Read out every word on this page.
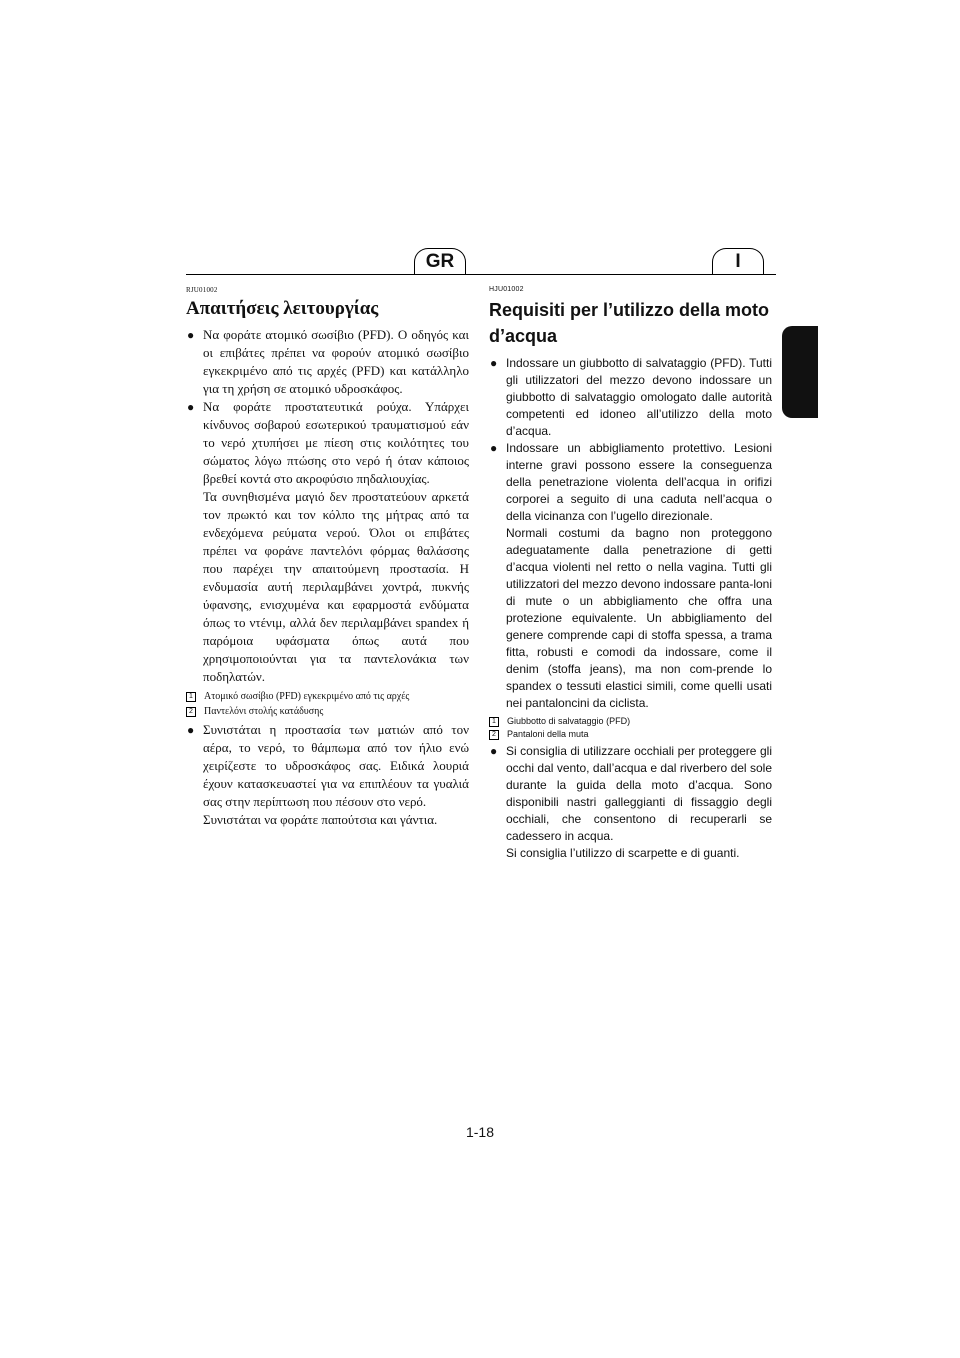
GR	I
RJU01002
Απαιτήσεις λειτουργίας
● Να φοράτε ατομικό σωσίβιο (PFD). Ο οδηγός και οι επιβάτες πρέπει να φορούν ατομικό σωσίβιο εγκεκριμένο από τις αρχές (PFD) και κατάλληλο για τη χρήση σε ατομικό υδροσκάφος.

● Να φοράτε προστατευτικά ρούχα. Υπάρχει κίνδυνος σοβαρού εσωτερικού τραυματισμού εάν το νερό χτυπήσει με πίεση στις κοιλότητες του σώματος λόγω πτώσης στο νερό ή όταν κάποιος βρεθεί κοντά στο ακροφύσιο πηδαλιουχίας.

Τα συνηθισμένα μαγιό δεν προστατεύουν αρκετά τον πρωκτό και τον κόλπο της μήτρας από τα ενδεχόμενα ρεύματα νερού. Όλοι οι επιβάτες πρέπει να φοράνε παντελόνι φόρμας θαλάσσης που παρέχει την απαιτούμενη προστασία. Η ενδυμασία αυτή περιλαμβάνει χοντρά, πυκνής ύφανσης, ενισχυμένα και εφαρμοστά ενδύματα όπως το ντένιμ, αλλά δεν περιλαμβάνει spandex ή παρόμοια υφάσματα όπως αυτά που χρησιμοποιούνται για τα παντελονάκια των ποδηλατών.

1	Ατομικό σωσίβιο (PFD) εγκεκριμένο από τις αρχές
2	Παντελόνι στολής κατάδυσης
● Συνιστάται η προστασία των ματιών από τον αέρα, το νερό, το θάμπωμα από τον ήλιο ενώ χειρίζεστε το υδροσκάφος σας. Ειδικά λουριά έχουν κατασκευαστεί για να επιπλέουν τα γυαλιά σας στην περίπτωση που πέσουν στο νερό.

Συνιστάται να φοράτε παπούτσια και γάντια.

HJU01002
Requisiti per l’utilizzo della moto d’acqua
● Indossare un giubbotto di salvataggio (PFD). Tutti gli utilizzatori del mezzo devono indossare un giubbotto di salvataggio omologato dalle autorità competenti ed idoneo all’utilizzo della moto d’acqua.

● Indossare un abbigliamento protettivo. Lesioni interne gravi possono essere la conseguenza della penetrazione violenta dell’acqua in orifizi corporei a seguito di una caduta nell’acqua o della vicinanza con l’ugello direzionale.

Normali costumi da bagno non proteggono adeguatamente dalla penetrazione di getti d’acqua violenti nel retto o nella vagina. Tutti gli utilizzatori del mezzo devono indossare panta-loni di mute o un abbigliamento che offra una protezione equivalente. Un abbigliamento del genere comprende capi di stoffa spessa, a trama fitta, robusti e comodi da indossare, come il denim (stoffa jeans), ma non com-prende lo spandex o tessuti elastici simili, come quelli usati nei pantaloncini da ciclista.

1	Giubbotto di salvataggio (PFD)
2	Pantaloni della muta
● Si consiglia di utilizzare occhiali per proteggere gli occhi dal vento, dall’acqua e dal riverbero del sole durante la guida della moto d’acqua. Sono disponibili nastri galleggianti di fissaggio degli occhiali, che consentono di recuperarli se cadessero in acqua.

Si consiglia l’utilizzo di scarpette e di guanti.

1-18
